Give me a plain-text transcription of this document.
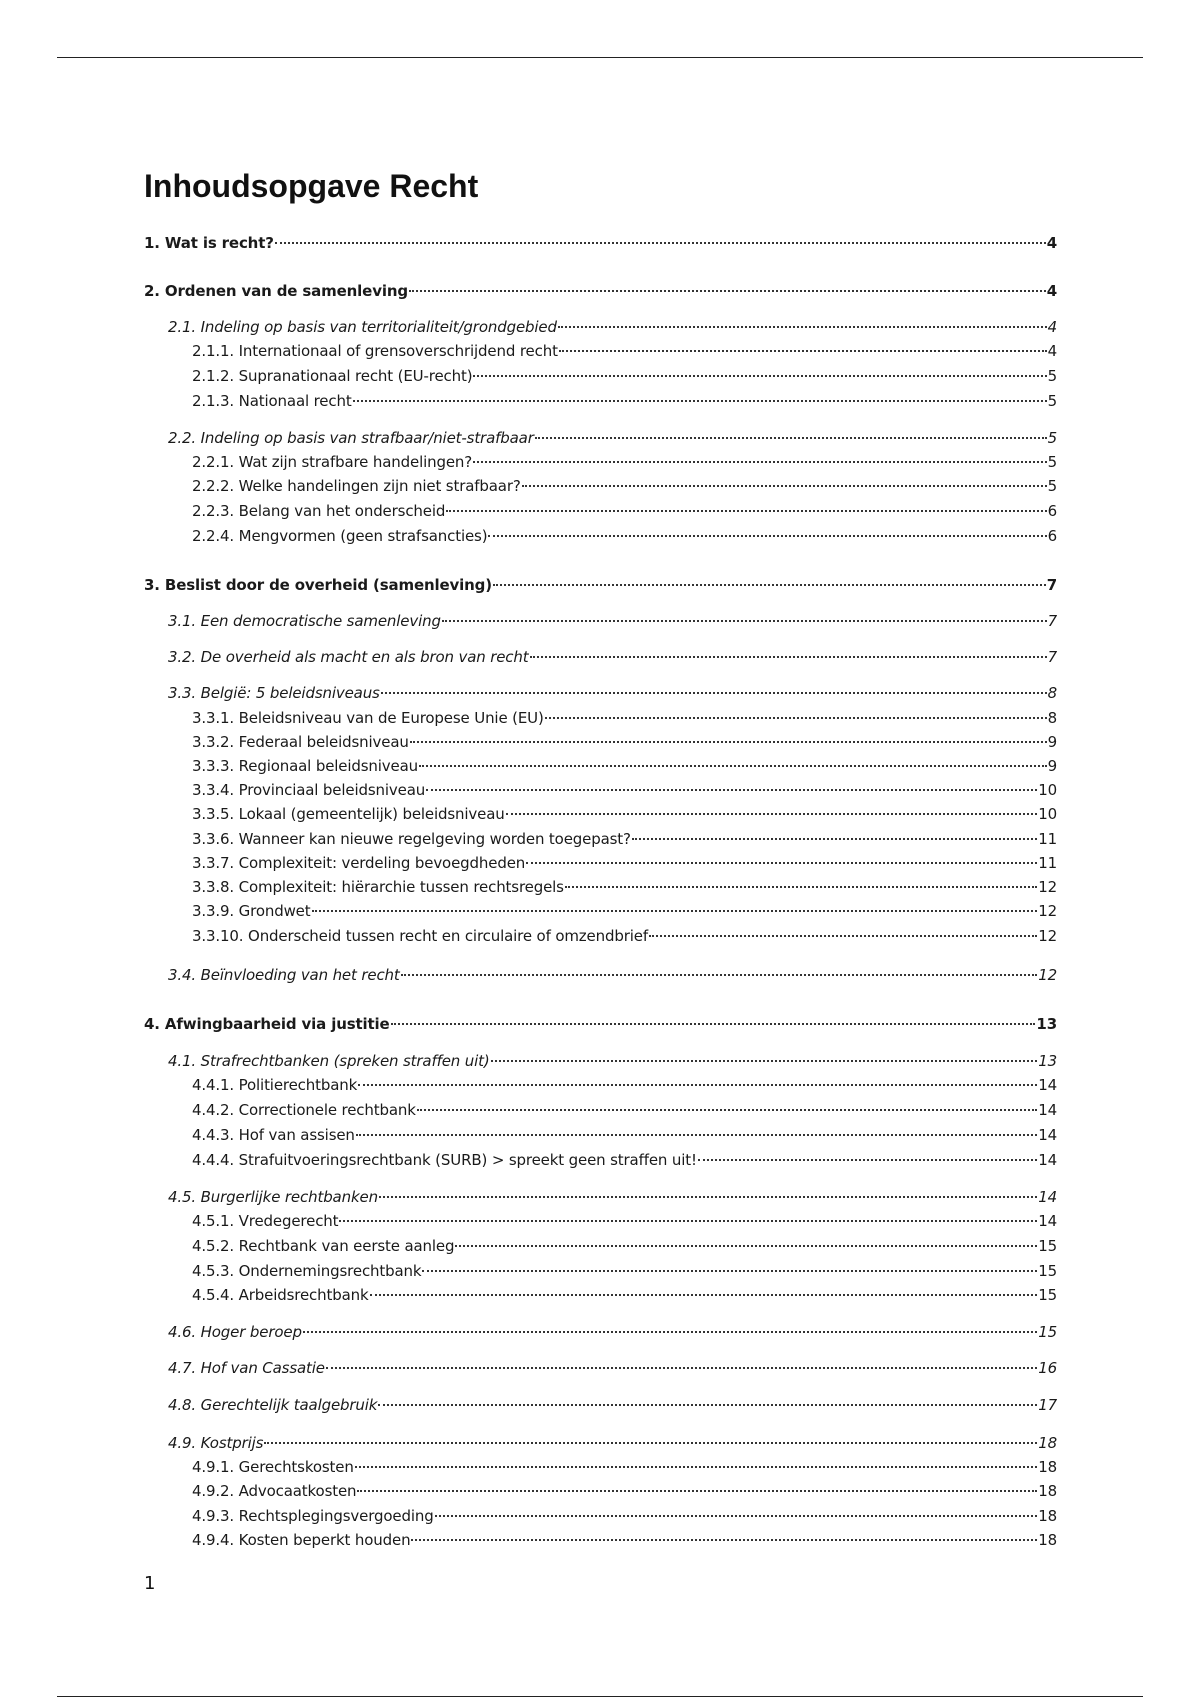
Inhoudsopgave Recht
1. Wat is recht?	4
2. Ordenen van de samenleving	4
2.1. Indeling op basis van territorialiteit/grondgebied	4
2.1.1. Internationaal of grensoverschrijdend recht	4
2.1.2. Supranationaal recht (EU-recht)	5
2.1.3. Nationaal recht	5
2.2. Indeling op basis van strafbaar/niet-strafbaar	5
2.2.1. Wat zijn strafbare handelingen?	5
2.2.2. Welke handelingen zijn niet strafbaar?	5
2.2.3. Belang van het onderscheid	6
2.2.4. Mengvormen (geen strafsancties)	6
3. Beslist door de overheid (samenleving)	7
3.1. Een democratische samenleving	7
3.2. De overheid als macht en als bron van recht	7
3.3. België: 5 beleidsniveaus	8
3.3.1. Beleidsniveau van de Europese Unie (EU)	8
3.3.2. Federaal beleidsniveau	9
3.3.3. Regionaal beleidsniveau	9
3.3.4. Provinciaal beleidsniveau	10
3.3.5. Lokaal (gemeentelijk) beleidsniveau	10
3.3.6. Wanneer kan nieuwe regelgeving worden toegepast?	11
3.3.7. Complexiteit: verdeling bevoegdheden	11
3.3.8. Complexiteit: hiërarchie tussen rechtsregels	12
3.3.9. Grondwet	12
3.3.10. Onderscheid tussen recht en circulaire of omzendbrief	12
3.4. Beïnvloeding van het recht	12
4. Afwingbaarheid via justitie	13
4.1. Strafrechtbanken (spreken straffen uit)	13
4.4.1. Politierechtbank	14
4.4.2. Correctionele rechtbank	14
4.4.3. Hof van assisen	14
4.4.4. Strafuitvoeringsrechtbank (SURB) > spreekt geen straffen uit!	14
4.5. Burgerlijke rechtbanken	14
4.5.1. Vredegerecht	14
4.5.2. Rechtbank van eerste aanleg	15
4.5.3. Ondernemingsrechtbank	15
4.5.4. Arbeidsrechtbank	15
4.6. Hoger beroep	15
4.7. Hof van Cassatie	16
4.8. Gerechtelijk taalgebruik	17
4.9. Kostprijs	18
4.9.1. Gerechtskosten	18
4.9.2. Advocaatkosten	18
4.9.3. Rechtsplegingsvergoeding	18
4.9.4. Kosten beperkt houden	18
1
